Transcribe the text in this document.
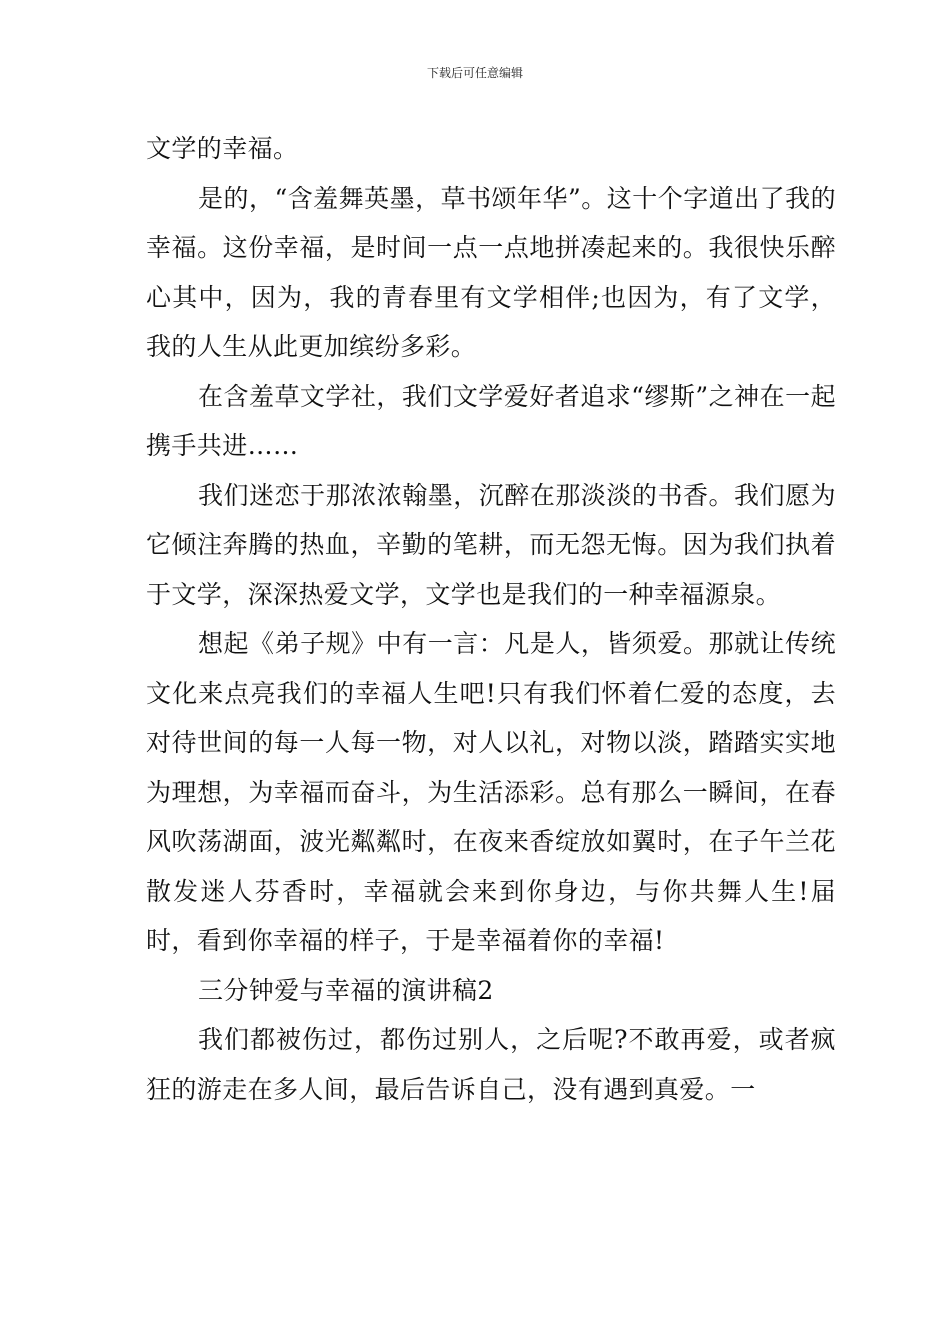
下载后可任意编辑

文学的幸福。

是的，“含羞舞英墨，草书颂年华”。这十个字道出了我的幸福。这份幸福，是时间一点一点地拼凑起来的。我很快乐醉心其中，因为，我的青春里有文学相伴;也因为，有了文学，我的人生从此更加缤纷多彩。

在含羞草文学社，我们文学爱好者追求“缪斯”之神在一起携手共进……

我们迷恋于那浓浓翰墨，沉醉在那淡淡的书香。我们愿为它倾注奔腾的热血，辛勤的笔耕，而无怨无悔。因为我们执着于文学，深深热爱文学，文学也是我们的一种幸福源泉。

想起《弟子规》中有一言：凡是人，皆须爱。那就让传统文化来点亮我们的幸福人生吧!只有我们怀着仁爱的态度，去对待世间的每一人每一物，对人以礼，对物以淡，踏踏实实地为理想，为幸福而奋斗，为生活添彩。总有那么一瞬间，在春风吹荡湖面，波光粼粼时，在夜来香绽放如翼时，在子午兰花散发迷人芬香时，幸福就会来到你身边，与你共舞人生!届时，看到你幸福的样子，于是幸福着你的幸福!

三分钟爱与幸福的演讲稿2

我们都被伤过，都伤过别人，之后呢?不敢再爱，或者疯狂的游走在多人间，最后告诉自己，没有遇到真爱。一
